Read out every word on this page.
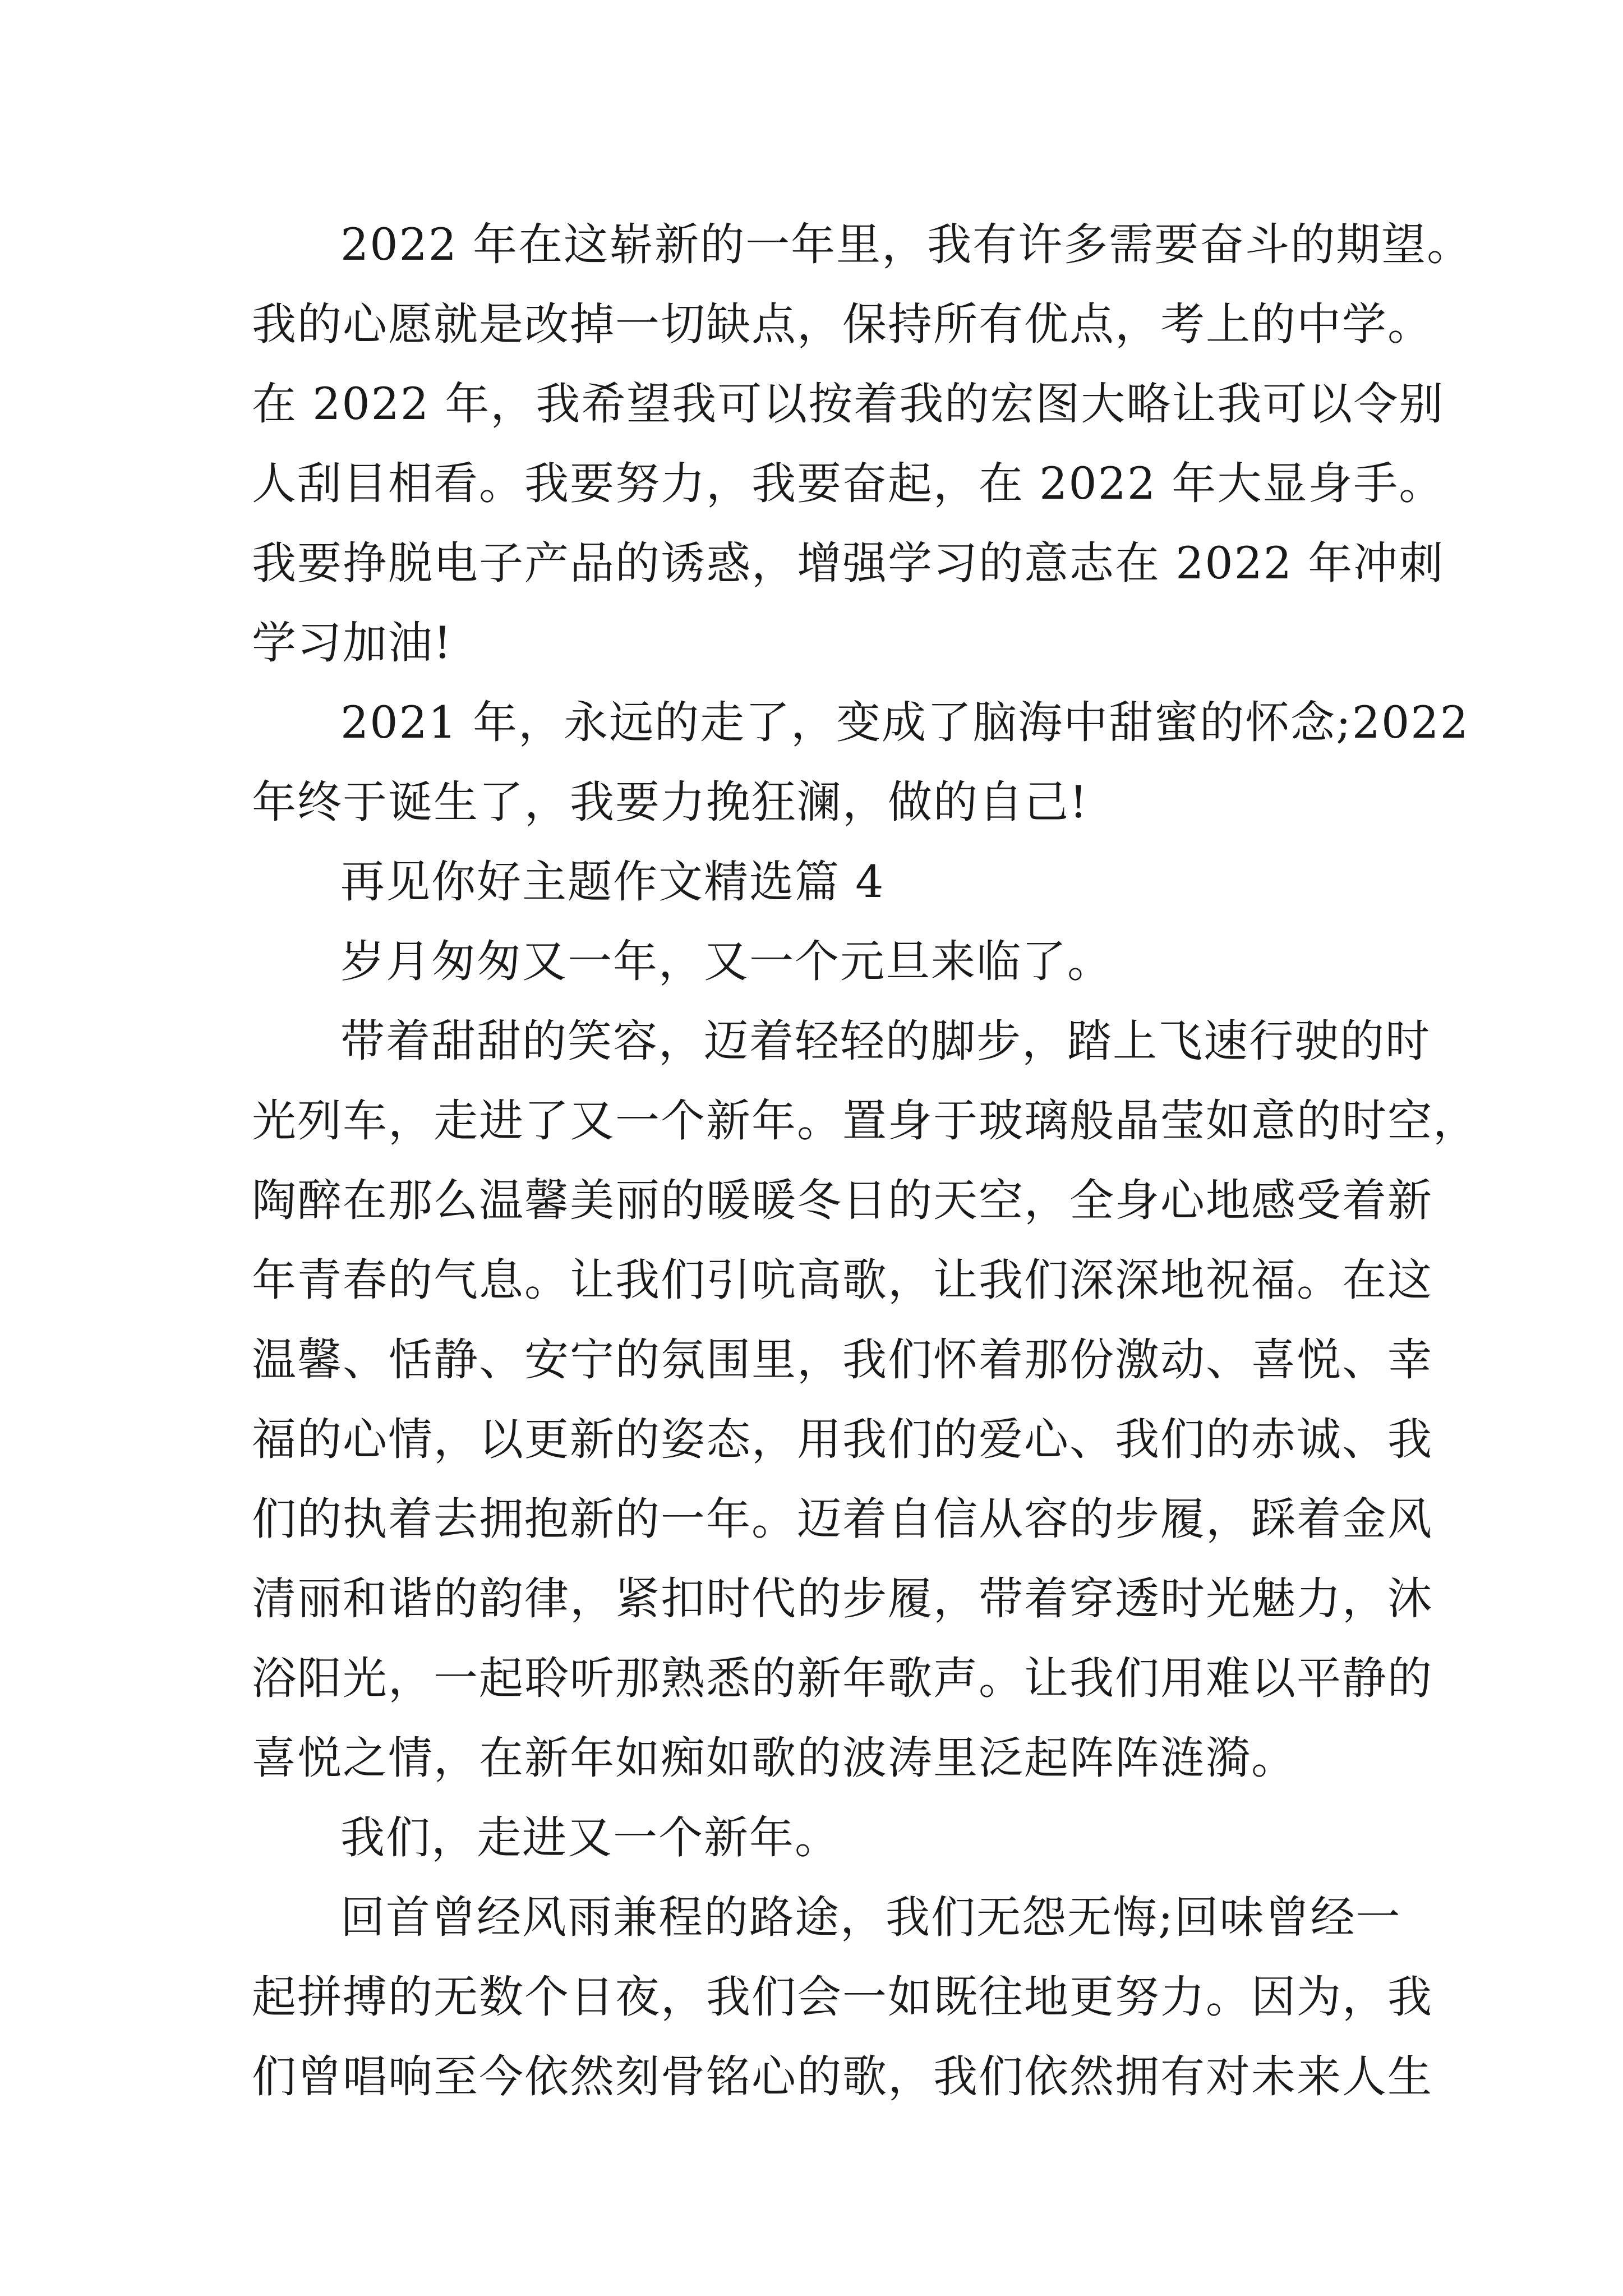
2022 年在这崭新的一年里，我有许多需要奋斗的期望。
我的心愿就是改掉一切缺点，保持所有优点，考上的中学。
在 2022 年，我希望我可以按着我的宏图大略让我可以令别
人刮目相看。我要努力，我要奋起，在 2022 年大显身手。
我要挣脱电子产品的诱惑，增强学习的意志在 2022 年冲刺
学习加油!
2021 年，永远的走了，变成了脑海中甜蜜的怀念;2022
年终于诞生了，我要力挽狂澜，做的自己!
再见你好主题作文精选篇 4
岁月匆匆又一年，又一个元旦来临了。
带着甜甜的笑容，迈着轻轻的脚步，踏上飞速行驶的时
光列车，走进了又一个新年。置身于玻璃般晶莹如意的时空，
陶醉在那么温馨美丽的暖暖冬日的天空，全身心地感受着新
年青春的气息。让我们引吭高歌，让我们深深地祝福。在这
温馨、恬静、安宁的氛围里，我们怀着那份激动、喜悦、幸
福的心情，以更新的姿态，用我们的爱心、我们的赤诚、我
们的执着去拥抱新的一年。迈着自信从容的步履，踩着金风
清丽和谐的韵律，紧扣时代的步履，带着穿透时光魅力，沐
浴阳光，一起聆听那熟悉的新年歌声。让我们用难以平静的
喜悦之情，在新年如痴如歌的波涛里泛起阵阵涟漪。
我们，走进又一个新年。
回首曾经风雨兼程的路途，我们无怨无悔;回味曾经一
起拼搏的无数个日夜，我们会一如既往地更努力。因为，我
们曾唱响至今依然刻骨铭心的歌，我们依然拥有对未来人生
